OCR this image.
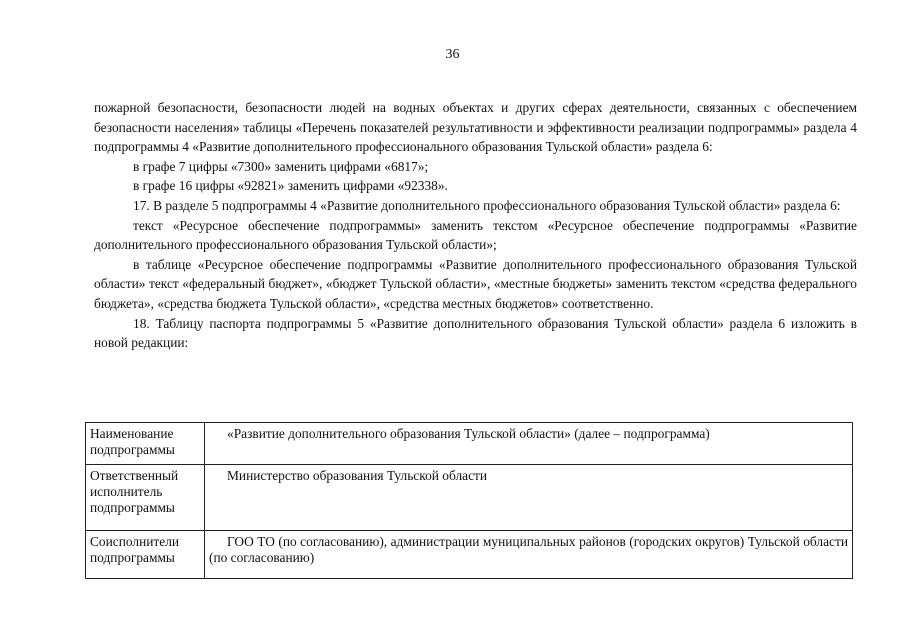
36

пожарной безопасности, безопасности людей на водных объектах и других сферах деятельности, связанных с обеспечением безопасности населения» таблицы «Перечень показателей результативности и эффективности реализации подпрограммы» раздела 4 подпрограммы 4 «Развитие дополнительного профессионального образования Тульской области» раздела 6:

в графе 7 цифры «7300» заменить цифрами «6817»;

в графе 16 цифры «92821» заменить цифрами «92338».

17. В разделе 5 подпрограммы 4 «Развитие дополнительного профессионального образования Тульской области» раздела 6:

текст «Ресурсное обеспечение подпрограммы» заменить текстом «Ресурсное обеспечение подпрограммы «Развитие дополнительного профессионального образования Тульской области»;

в таблице «Ресурсное обеспечение подпрограммы «Развитие дополнительного профессионального образования Тульской области» текст «федеральный бюджет», «бюджет Тульской области», «местные бюджеты» заменить текстом «средства федерального бюджета», «средства бюджета Тульской области», «средства местных бюджетов» соответственно.

18. Таблицу паспорта подпрограммы 5 «Развитие дополнительного образования Тульской области» раздела 6 изложить в новой редакции:

Наименование подпрограммы	«Развитие дополнительного образования Тульской области» (далее – подпрограмма)
Ответственный исполнитель подпрограммы	Министерство образования Тульской области
Соисполнители подпрограммы	ГОО ТО (по согласованию), администрации муниципальных районов (городских округов) Тульской области (по согласованию)
